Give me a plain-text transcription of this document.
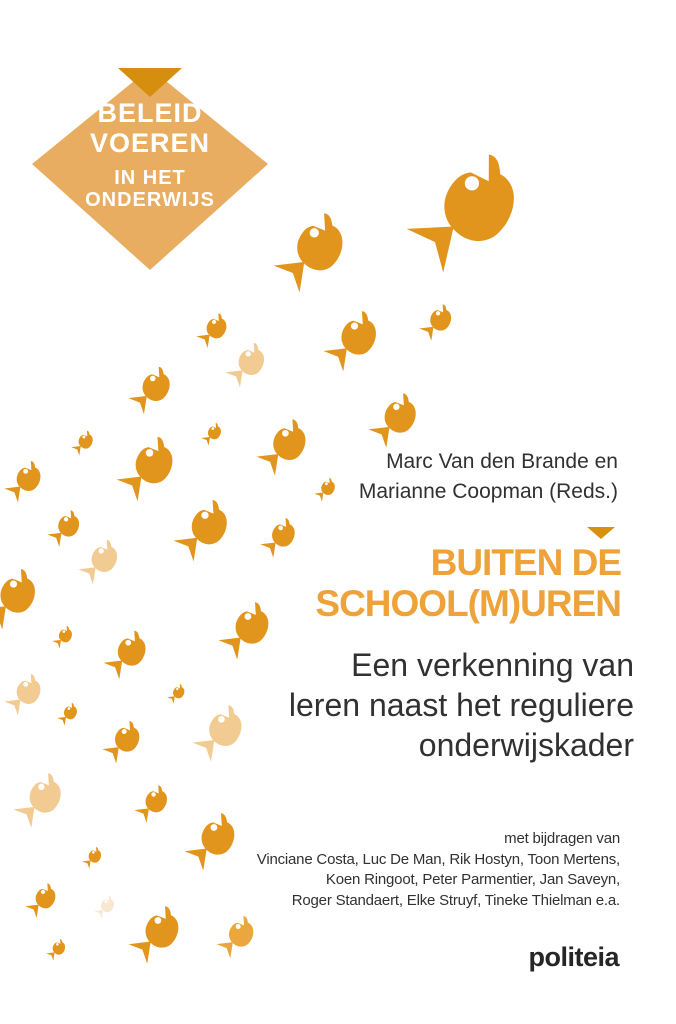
BELEID
VOEREN
IN HET
ONDERWIJS
Marc Van den Brande en
Marianne Coopman (Reds.)
BUITEN DE
SCHOOL(M)UREN
Een verkenning van
leren naast het reguliere
onderwijskader
met bijdragen van
Vinciane Costa, Luc De Man, Rik Hostyn, Toon Mertens,
Koen Ringoot, Peter Parmentier, Jan Saveyn,
Roger Standaert, Elke Struyf, Tineke Thielman e.a.
politeia
